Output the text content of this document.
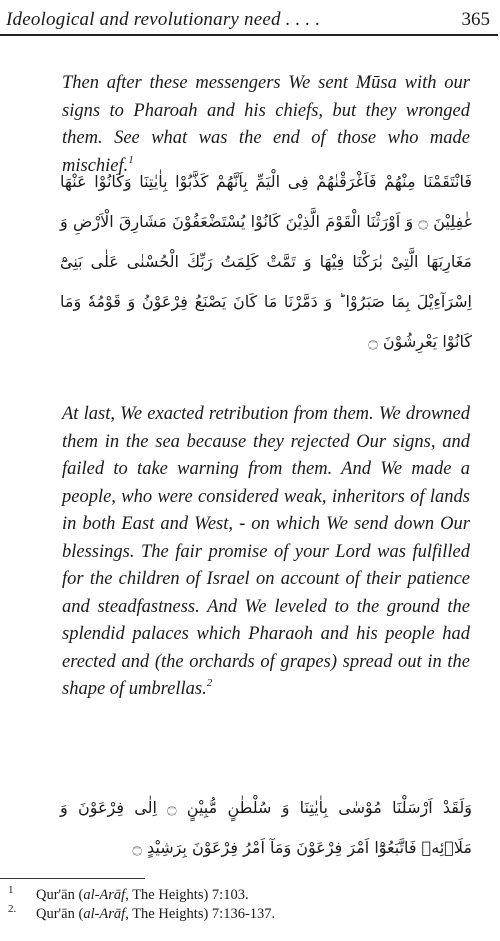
Ideological and revolutionary need . . . .	365

Then after these messengers We sent Mūsa with our signs to Pharoah and his chiefs, but they wronged them. See what was the end of those who made mischief.$^1$

فَانْتَقَمْنَا مِنْهُمْ فَاَغْرَقْنٰهُمْ فِى الْيَمِّ بِاَنَّهُمْ كَذَّبُوْا بِاٰيٰتِنَا وَكَانُوْا عَنْهَا غٰفِلِيْنَ ۝ وَ اَوْرَثْنَا الْقَوْمَ الَّذِيْنَ كَانُوْا يُسْتَضْعَفُوْنَ مَشَارِقَ الْاَرْضِ وَ مَغَارِبَهَا الَّتِىْ بٰرَكْنَا فِيْهَا وَ تَمَّتْ كَلِمَتُ رَبِّكَ الْحُسْنٰى عَلٰى بَنِىْٓ اِسْرَآءِيْلَ بِمَا صَبَرُوْا ؕ وَ دَمَّرْنَا مَا كَانَ يَصْنَعُ فِرْعَوْنُ وَ قَوْمُهٗ وَمَا كَانُوْا يَعْرِشُوْنَ ۝

At last, We exacted retribution from them. We drowned them in the sea because they rejected Our signs, and failed to take warning from them. And We made a people, who were considered weak, inheritors of lands in both East and West, - on which We send down Our blessings. The fair promise of your Lord was fulfilled for the children of Israel on account of their patience and steadfastness. And We leveled to the ground the splendid palaces which Pharaoh and his people had erected and (the orchards of grapes) spread out in the shape of umbrellas.$^2$

وَلَقَدْ اَرْسَلْنَا مُوْسٰى بِاٰيٰتِنَا وَ سُلْطٰنٍ مُّبِيْنٍ ۝ اِلٰى فِرْعَوْنَ وَ مَلَا۟ئِهٖ فَاتَّبَعُوْٓا اَمْرَ فِرْعَوْنَ وَمَآ اَمْرُ فِرْعَوْنَ بِرَشِيْدٍ ۝

1 Qur'ān (al-Arāf, The Heights) 7:103.
2. Qur'ān (al-Arāf, The Heights) 7:136-137.
